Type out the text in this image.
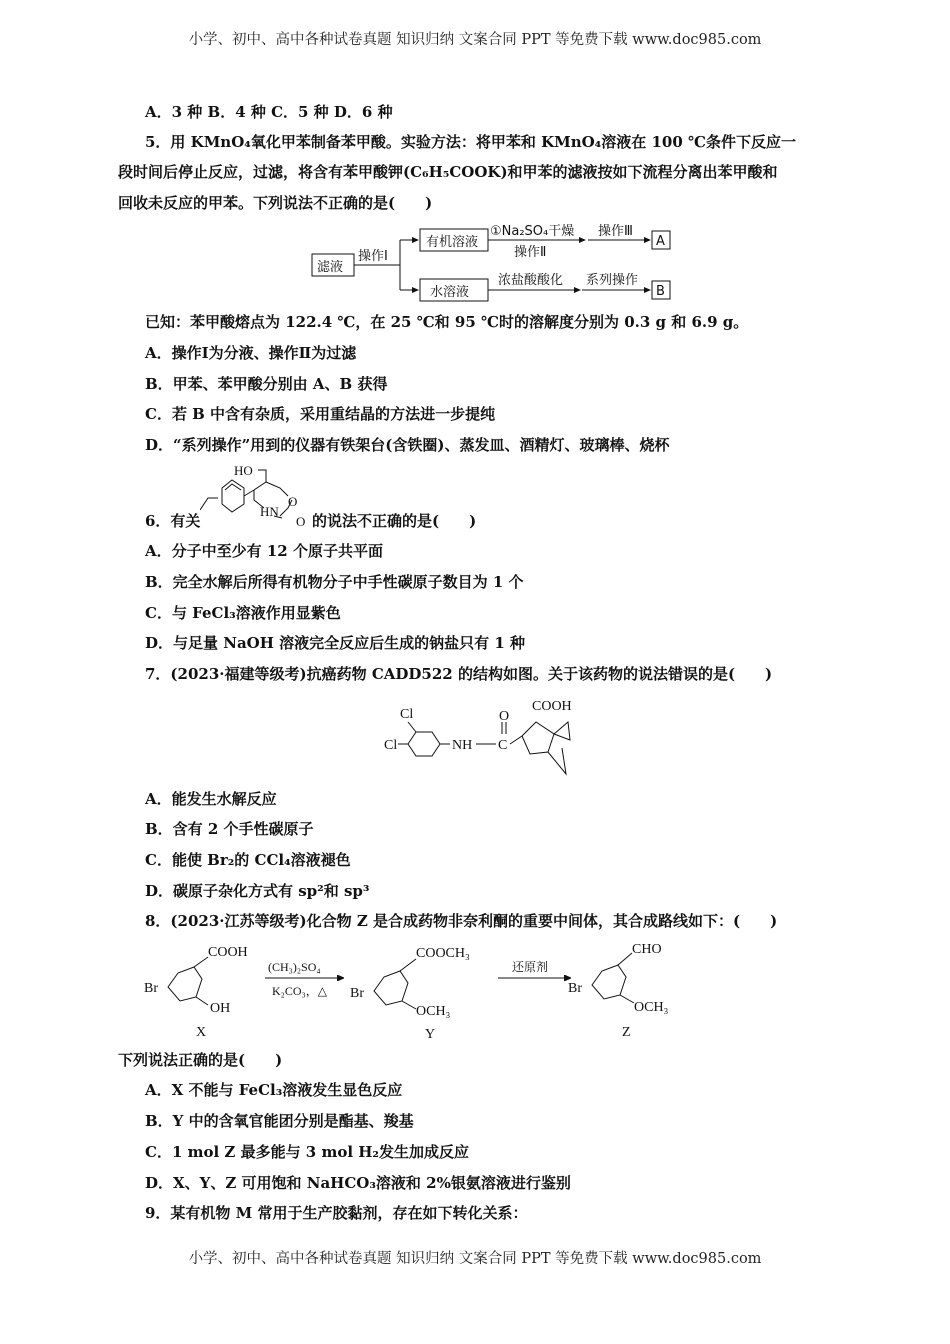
小学、初中、高中各种试卷真题 知识归纳 文案合同 PPT 等免费下载 www.doc985.com
A．3 种 B．4 种 C．5 种 D．6 种
5．用 KMnO₄氧化甲苯制备苯甲酸。实验方法：将甲苯和 KMnO₄溶液在 100 ℃条件下反应一
段时间后停止反应，过滤，将含有苯甲酸钾(C₆H₅COOK)和甲苯的滤液按如下流程分离出苯甲酸和
回收未反应的甲苯。下列说法不正确的是(　　)
滤液
操作Ⅰ
有机溶液
水溶液
①Na₂SO₄干燥
操作Ⅱ
操作Ⅲ
A
浓盐酸酸化 系列操作
B
已知：苯甲酸熔点为 122.4 ℃，在 25 ℃和 95 ℃时的溶解度分别为 0.3 g 和 6.9 g。
A．操作Ⅰ为分液、操作Ⅱ为过滤
B．甲苯、苯甲酸分别由 A、B 获得
C．若 B 中含有杂质，采用重结晶的方法进一步提纯
D．“系列操作”用到的仪器有铁架台(含铁圈)、蒸发皿、酒精灯、玻璃棒、烧杯
6．有关
HO
HN
O
O 的说法不正确的是(　　)
A．分子中至少有 12 个原子共平面
B．完全水解后所得有机物分子中手性碳原子数目为 1 个
C．与 FeCl₃溶液作用显紫色
D．与足量 NaOH 溶液完全反应后生成的钠盐只有 1 种
7．(2023·福建等级考)抗癌药物 CADD522 的结构如图。关于该药物的说法错误的是(　　)
Cl
Cl	NH C
O
COOH
A．能发生水解反应
B．含有 2 个手性碳原子
C．能使 Br₂的 CCl₄溶液褪色
D．碳原子杂化方式有 sp²和 sp³
8．(2023·江苏等级考)化合物 Z 是合成药物非奈利酮的重要中间体，其合成路线如下：(　　)
Br
COOH
OH
X
(CH₃)₂SO₄
K₂CO₃，△ Br
COOCH₃
OCH₃
Y
还原剂
Br
CHO
OCH₃
Z
下列说法正确的是(　　)
A．X 不能与 FeCl₃溶液发生显色反应
B．Y 中的含氧官能团分别是酯基、羧基
C．1 mol Z 最多能与 3 mol H₂发生加成反应
D．X、Y、Z 可用饱和 NaHCO₃溶液和 2%银氨溶液进行鉴别
9．某有机物 M 常用于生产胶黏剂，存在如下转化关系：
小学、初中、高中各种试卷真题 知识归纳 文案合同 PPT 等免费下载 www.doc985.com
